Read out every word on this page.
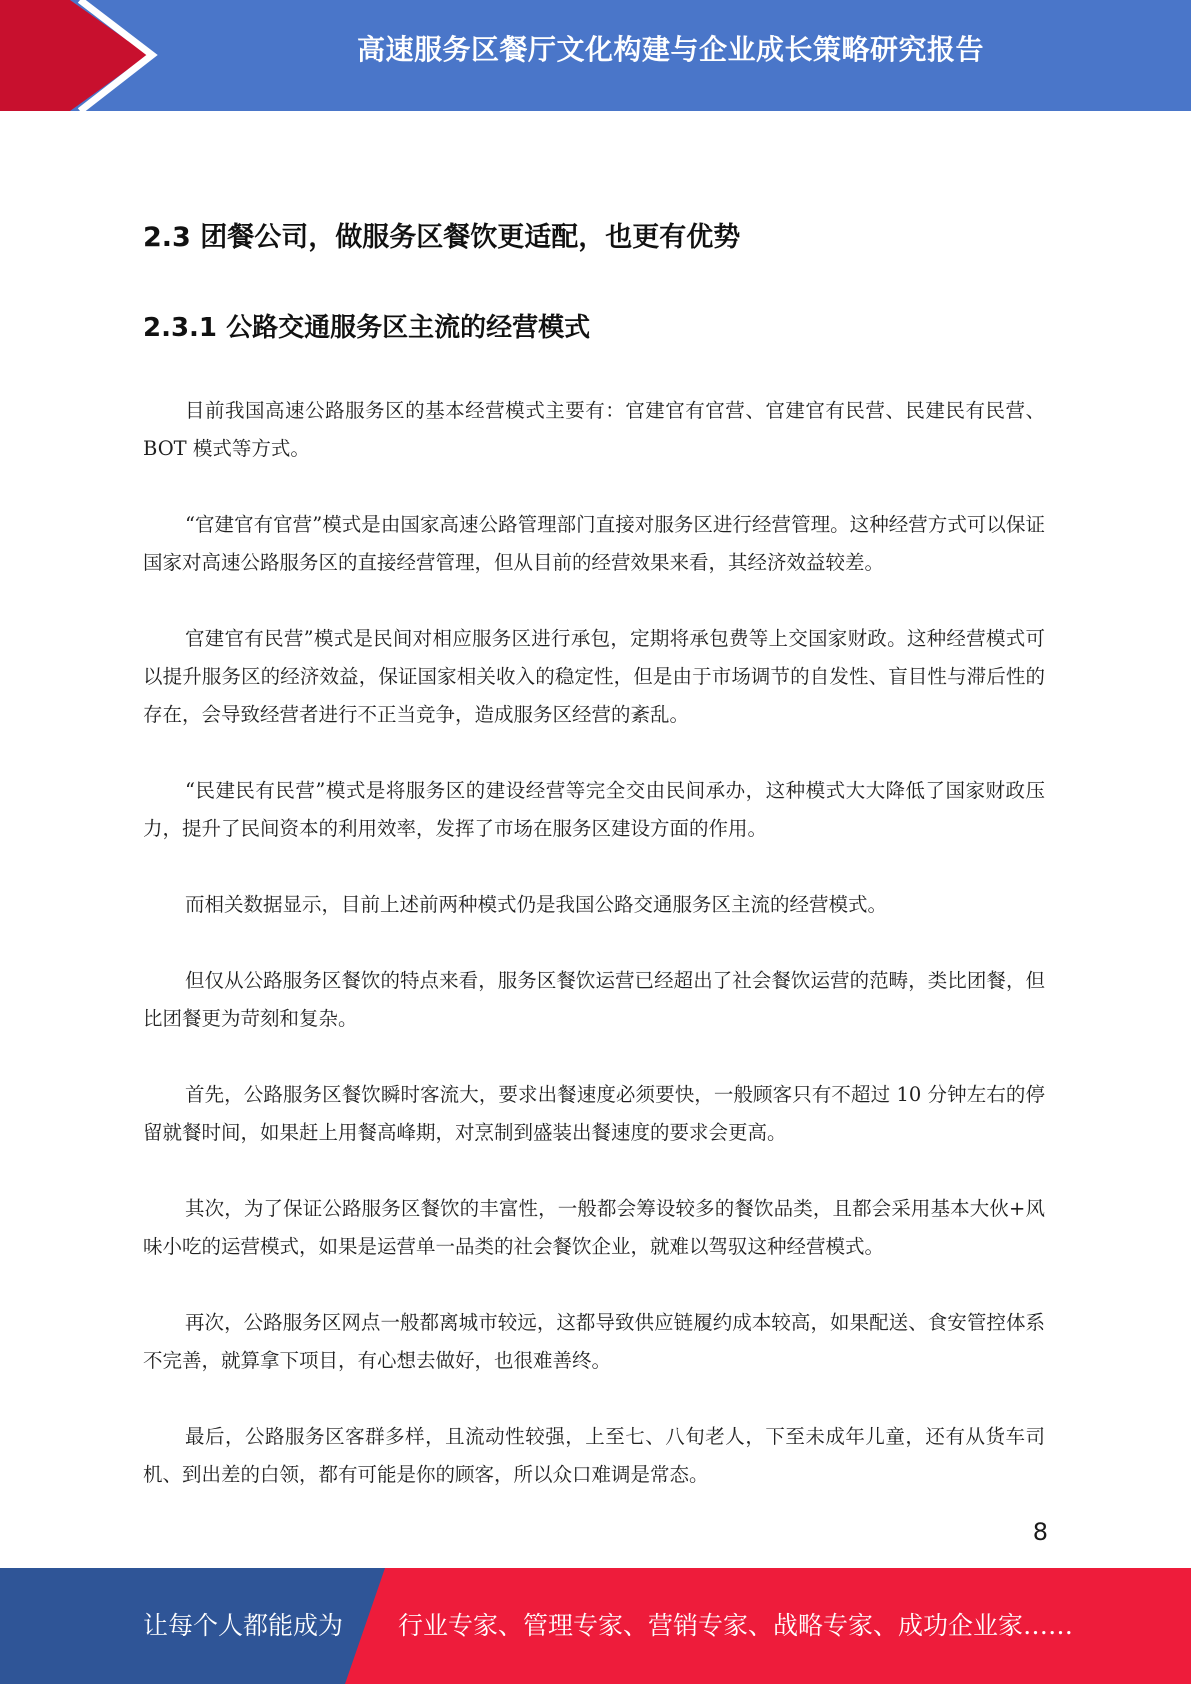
高速服务区餐厅文化构建与企业成长策略研究报告
2.3 团餐公司，做服务区餐饮更适配，也更有优势
2.3.1 公路交通服务区主流的经营模式

目前我国高速公路服务区的基本经营模式主要有：官建官有官营、官建官有民营、民建民有民营、BOT 模式等方式。

“官建官有官营”模式是由国家高速公路管理部门直接对服务区进行经营管理。这种经营方式可以保证国家对高速公路服务区的直接经营管理，但从目前的经营效果来看，其经济效益较差。

官建官有民营”模式是民间对相应服务区进行承包，定期将承包费等上交国家财政。这种经营模式可以提升服务区的经济效益，保证国家相关收入的稳定性，但是由于市场调节的自发性、盲目性与滞后性的存在，会导致经营者进行不正当竞争，造成服务区经营的紊乱。

“民建民有民营”模式是将服务区的建设经营等完全交由民间承办，这种模式大大降低了国家财政压力，提升了民间资本的利用效率，发挥了市场在服务区建设方面的作用。

而相关数据显示，目前上述前两种模式仍是我国公路交通服务区主流的经营模式。

但仅从公路服务区餐饮的特点来看，服务区餐饮运营已经超出了社会餐饮运营的范畴，类比团餐，但比团餐更为苛刻和复杂。

首先，公路服务区餐饮瞬时客流大，要求出餐速度必须要快，一般顾客只有不超过 10 分钟左右的停留就餐时间，如果赶上用餐高峰期，对烹制到盛装出餐速度的要求会更高。

其次，为了保证公路服务区餐饮的丰富性，一般都会筹设较多的餐饮品类，且都会采用基本大伙+风味小吃的运营模式，如果是运营单一品类的社会餐饮企业，就难以驾驭这种经营模式。

再次，公路服务区网点一般都离城市较远，这都导致供应链履约成本较高，如果配送、食安管控体系不完善，就算拿下项目，有心想去做好，也很难善终。

最后，公路服务区客群多样，且流动性较强，上至七、八旬老人，下至未成年儿童，还有从货车司机、到出差的白领，都有可能是你的顾客，所以众口难调是常态。

8
让每个人都能成为 行业专家、管理专家、营销专家、战略专家、成功企业家……
